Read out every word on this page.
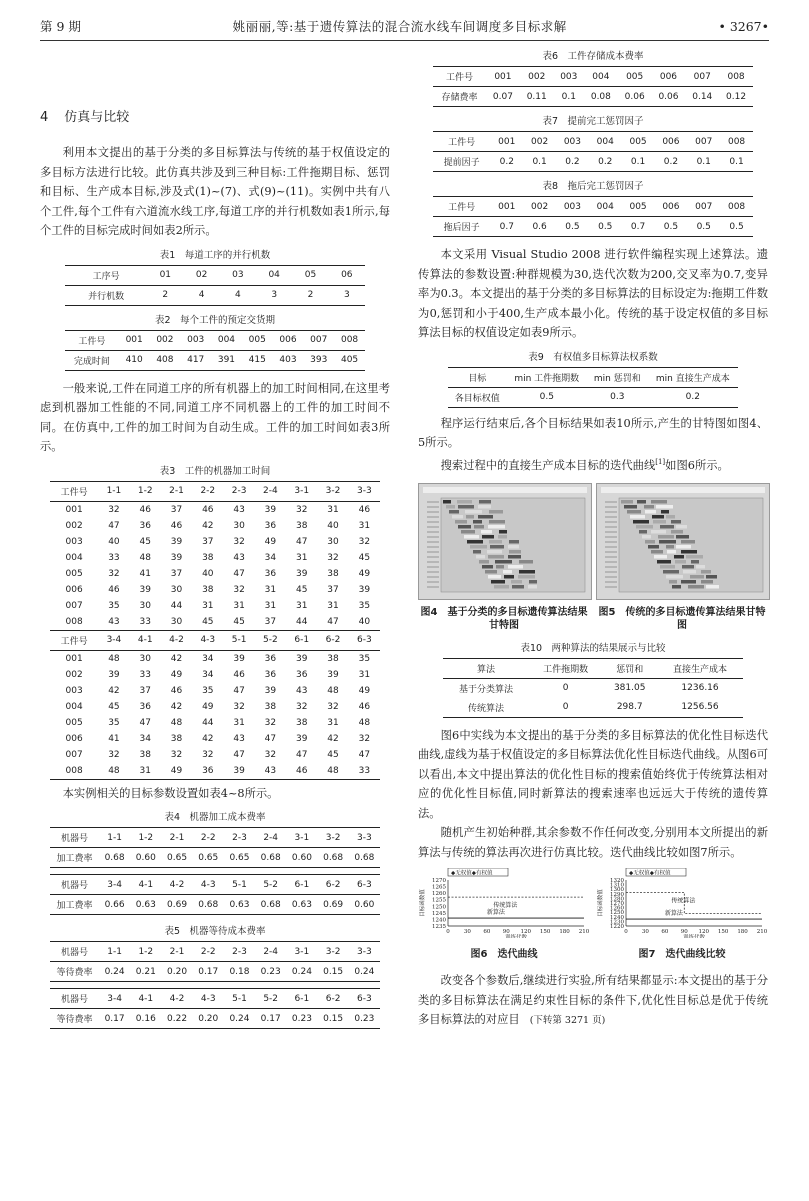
第 9 期	姚丽丽,等:基于遗传算法的混合流水线车间调度多目标求解	• 3267•
4 仿真与比较

利用本文提出的基于分类的多目标算法与传统的基于权值设定的多目标方法进行比较。此仿真共涉及到三种目标:工件拖期目标、惩罚和目标、生产成本目标,涉及式(1)~(7)、式(9)~(11)。实例中共有八个工件,每个工件有六道流水线工序,每道工序的并行机数如表1所示,每个工件的目标完成时间如表2所示。

表1　每道工序的并行机数
工序号	01	02	03	04	05	06
并行机数	2	4	4	3	2	3
表2　每个工件的预定交货期
工件号	001	002	003	004	005	006	007	008
完成时间	410	408	417	391	415	403	393	405

一般来说,工件在同道工序的所有机器上的加工时间相同,在这里考虑到机器加工性能的不同,同道工序不同机器上的工件的加工时间不同。在仿真中,工件的加工时间为自动生成。工件的加工时间如表3所示。

表3　工件的机器加工时间
工件号	1-1	1-2	2-1	2-2	2-3	2-4	3-1	3-2	3-3
001	32	46	37	46	43	39	32	31	46
002	47	36	46	42	30	36	38	40	31
003	40	45	39	37	32	49	47	30	32
004	33	48	39	38	43	34	31	32	45
005	32	41	37	40	47	36	39	38	49
006	46	39	30	38	32	31	45	37	39
007	35	30	44	31	31	31	31	31	35
008	43	33	30	45	45	37	44	47	40
工件号	3-4	4-1	4-2	4-3	5-1	5-2	6-1	6-2	6-3
001	48	30	42	34	39	36	39	38	35
002	39	33	49	34	46	36	36	39	31
003	42	37	46	35	47	39	43	48	49
004	45	36	42	49	32	38	32	32	46
005	35	47	48	44	31	32	38	31	48
006	41	34	38	42	43	47	39	42	32
007	32	38	32	32	47	32	47	45	47
008	48	31	49	36	39	43	46	48	33

本实例相关的目标参数设置如表4~8所示。

表4　机器加工成本费率
机器号	1-1	1-2	2-1	2-2	2-3	2-4	3-1	3-2	3-3
加工费率	0.68	0.60	0.65	0.65	0.65	0.68	0.60	0.68	0.68

机器号	3-4	4-1	4-2	4-3	5-1	5-2	6-1	6-2	6-3
加工费率	0.66	0.63	0.69	0.68	0.63	0.68	0.63	0.69	0.60
表5　机器等待成本费率
机器号	1-1	1-2	2-1	2-2	2-3	2-4	3-1	3-2	3-3
等待费率	0.24	0.21	0.20	0.17	0.18	0.23	0.24	0.15	0.24

机器号	3-4	4-1	4-2	4-3	5-1	5-2	6-1	6-2	6-3
等待费率	0.17	0.16	0.22	0.20	0.24	0.17	0.23	0.15	0.23
表6　工件存储成本费率
工件号	001	002	003	004	005	006	007	008
存储费率	0.07	0.11	0.1	0.08	0.06	0.06	0.14	0.12
表7　提前完工惩罚因子
工件号	001	002	003	004	005	006	007	008
提前因子	0.2	0.1	0.2	0.2	0.1	0.2	0.1	0.1
表8　拖后完工惩罚因子
工件号	001	002	003	004	005	006	007	008
拖后因子	0.7	0.6	0.5	0.5	0.7	0.5	0.5	0.5

本文采用 Visual Studio 2008 进行软件编程实现上述算法。遗传算法的参数设置:种群规模为30,迭代次数为200,交叉率为0.7,变异率为0.3。本文提出的基于分类的多目标算法的目标设定为:拖期工件数为0,惩罚和小于400,生产成本最小化。传统的基于设定权值的多目标算法目标的权值设定如表9所示。

表9　有权值多目标算法权系数
目标	min 工件拖期数	min 惩罚和	min 直接生产成本
各目标权值	0.5	0.3	0.2

程序运行结束后,各个目标结果如表10所示,产生的甘特图如图4、5所示。

搜索过程中的直接生产成本目标的迭代曲线[1]如图6所示。

图4　基于分类的多目标遗传算法结果甘特图
图5　传统的多目标遗传算法结果甘特图
表10　两种算法的结果展示与比较
算法	工件拖期数	惩罚和	直接生产成本
基于分类算法	0	381.05	1236.16
传统算法	0	298.7	1256.56

图6中实线为本文提出的基于分类的多目标算法的优化性目标迭代曲线,虚线为基于权值设定的多目标算法优化性目标迭代曲线。从图6可以看出,本文中提出算法的优化性目标的搜索值始终优于传统算法相对应的优化性目标值,同时新算法的搜索速率也远远大于传统的遗传算法。

随机产生初始种群,其余参数不作任何改变,分别用本文所提出的新算法与传统的算法再次进行仿真比较。迭代曲线比较如图7所示。

◆无权值◆有权值
1270
1265
1260
1255
1250
1245
1240
1235
0	30 60 90 120 150 180 210
目标函数值
训练代数
传统算法
新算法
图6　迭代曲线
◆无权值◆有权值
1320
1310
1300
1290
1280
1270
1260
1250
1240
1230
1220
0	30 60 90 120 150 180 210
目标函数值
训练代数
传统算法
新算法
图7　迭代曲线比较

改变各个参数后,继续进行实验,所有结果都显示:本文提出的基于分类的多目标算法在满足约束性目标的条件下,优化性目标总是优于传统多目标算法的对应目 (下转第 3271 页)
